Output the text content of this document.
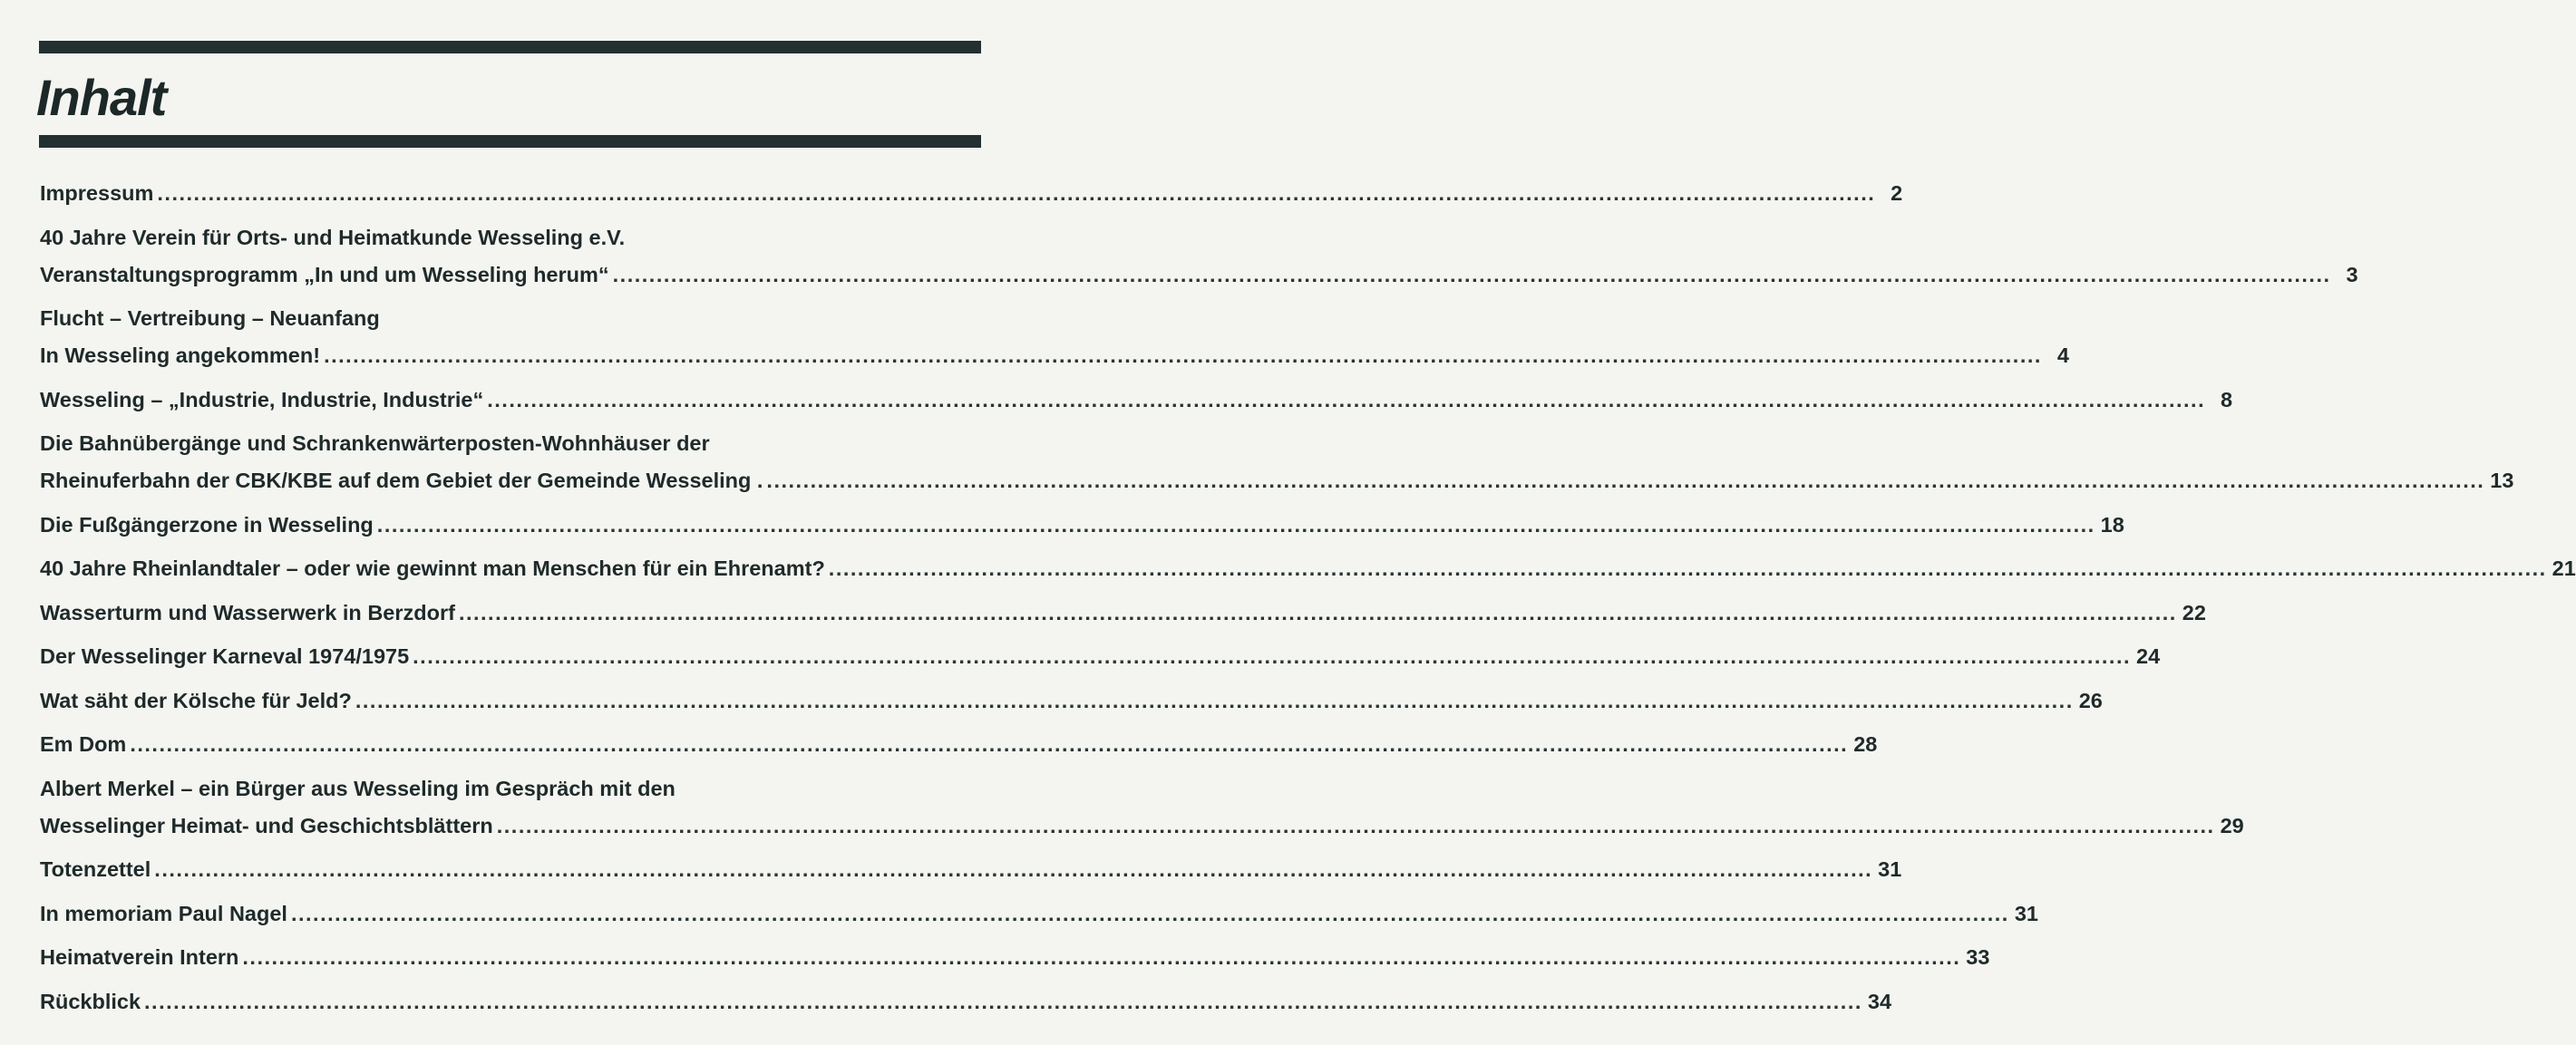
Inhalt
Impressum .....	2
40 Jahre Verein für Orts- und Heimatkunde Wesseling e.V.
Veranstaltungsprogramm „In und um Wesseling herum“ .....	3
Flucht – Vertreibung – Neuanfang
In Wesseling angekommen! .....	4
Wesseling – „Industrie, Industrie, Industrie“ .....	8
Die Bahnübergänge und Schrankenwärterposten-Wohnhäuser der
Rheinuferbahn der CBK/KBE auf dem Gebiet der Gemeinde Wesseling . .....	13
Die Fußgängerzone in Wesseling .....	18
40 Jahre Rheinlandtaler – oder wie gewinnt man Menschen für ein Ehrenamt? .....	21
Wasserturm und Wasserwerk in Berzdorf .....	22
Der Wesselinger Karneval 1974/1975 .....	24
Wat säht der Kölsche für Jeld? .....	26
Em Dom .....	28
Albert Merkel – ein Bürger aus Wesseling im Gespräch mit den
Wesselinger Heimat- und Geschichtsblättern .....	29
Totenzettel .....	31
In memoriam Paul Nagel .....	31
Heimatverein Intern .....	33
Rückblick .....	34
